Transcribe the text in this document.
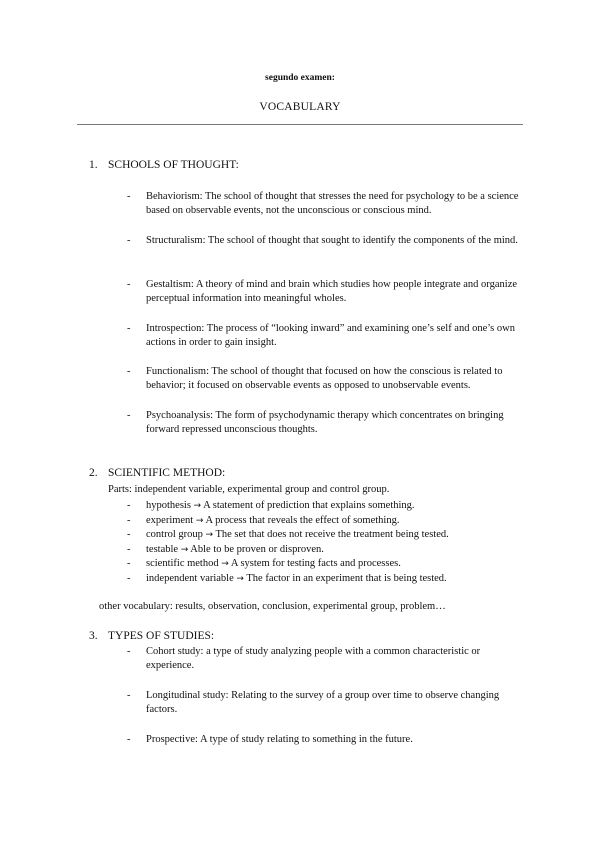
segundo examen:
VOCABULARY
1. SCHOOLS OF THOUGHT:
- Behaviorism: The school of thought that stresses the need for psychology to be a science based on observable events, not the unconscious or conscious mind.
- Structuralism: The school of thought that sought to identify the components of the mind.
- Gestaltism: A theory of mind and brain which studies how people integrate and organize perceptual information into meaningful wholes.
- Introspection: The process of “looking inward” and examining one’s self and one’s own actions in order to gain insight.
- Functionalism: The school of thought that focused on how the conscious is related to behavior; it focused on observable events as opposed to unobservable events.
- Psychoanalysis: The form of psychodynamic therapy which concentrates on bringing forward repressed unconscious thoughts.
2. SCIENTIFIC METHOD:
Parts: independent variable, experimental group and control group.
- hypothesis → A statement of prediction that explains something.
- experiment → A process that reveals the effect of something.
- control group → The set that does not receive the treatment being tested.
- testable → Able to be proven or disproven.
- scientific method → A system for testing facts and processes.
- independent variable → The factor in an experiment that is being tested.
other vocabulary: results, observation, conclusion, experimental group, problem…
3. TYPES OF STUDIES:
- Cohort study: a type of study analyzing people with a common characteristic or experience.
- Longitudinal study: Relating to the survey of a group over time to observe changing factors.
- Prospective: A type of study relating to something in the future.
